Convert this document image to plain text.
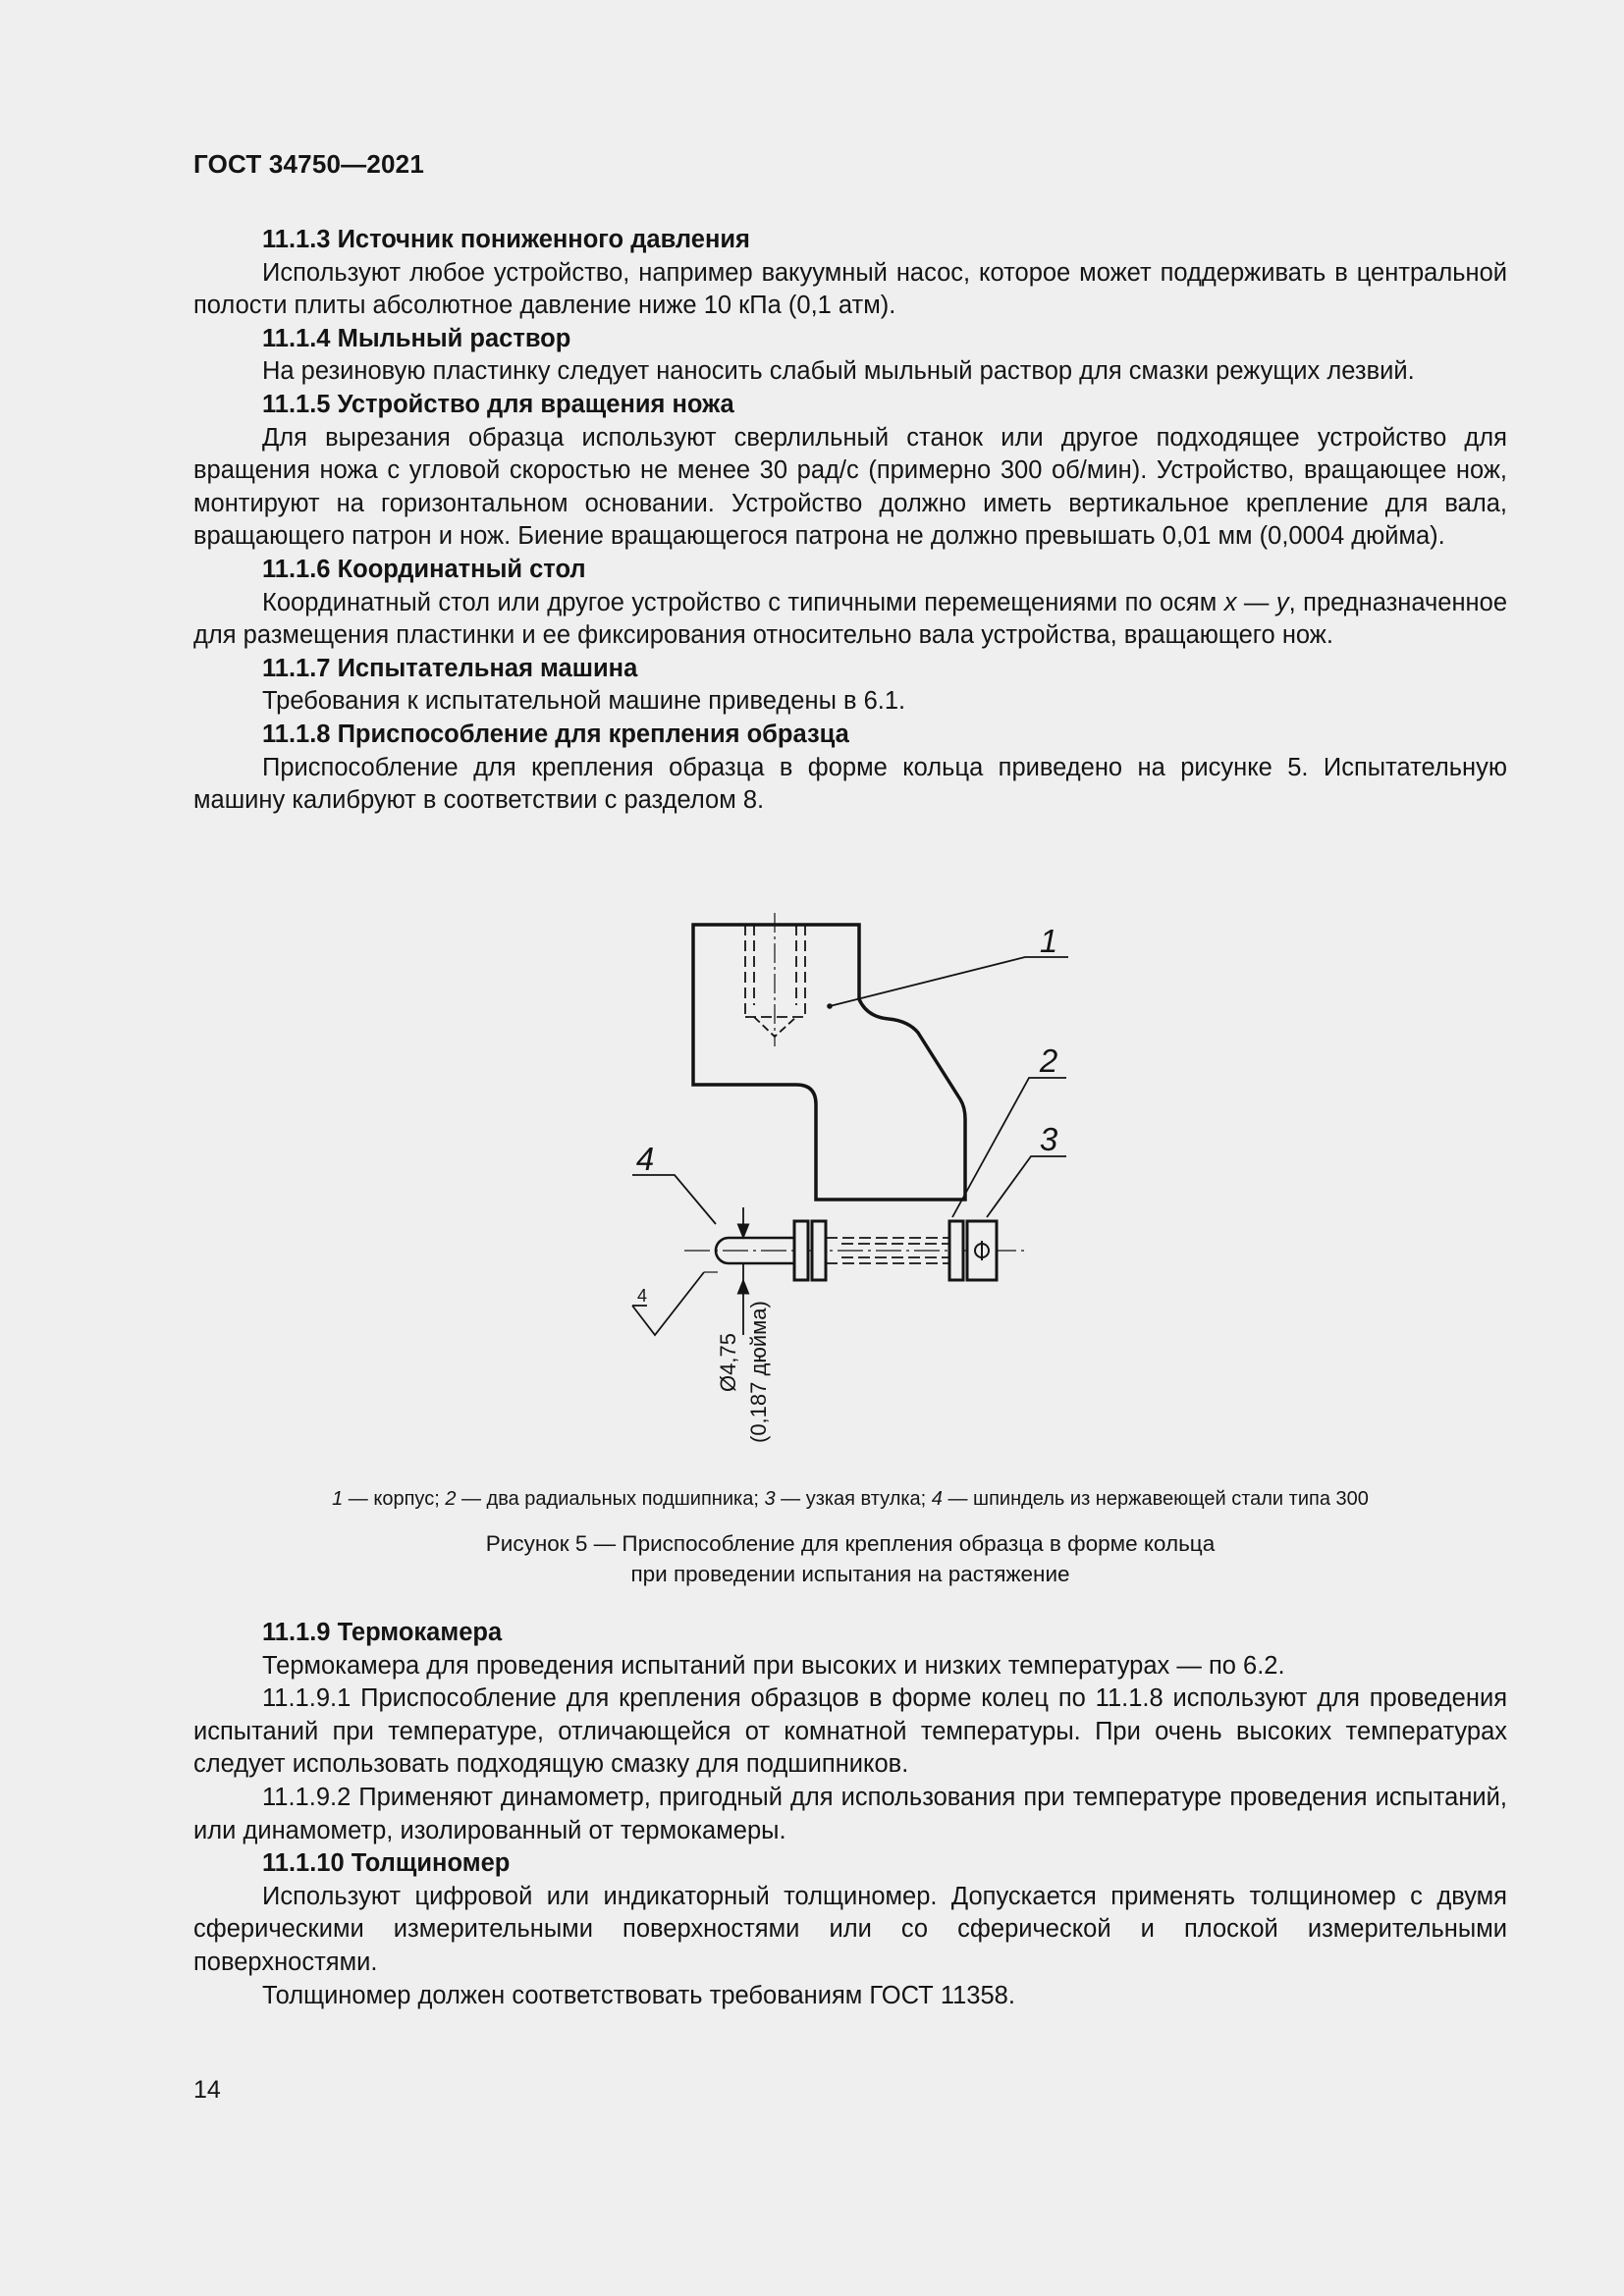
ГОСТ 34750—2021

11.1.3 Источник пониженного давления

Используют любое устройство, например вакуумный насос, которое может поддерживать в центральной полости плиты абсолютное давление ниже 10 кПа (0,1 атм).

11.1.4 Мыльный раствор

На резиновую пластинку следует наносить слабый мыльный раствор для смазки режущих лезвий.

11.1.5 Устройство для вращения ножа

Для вырезания образца используют сверлильный станок или другое подходящее устройство для вращения ножа с угловой скоростью не менее 30 рад/с (примерно 300 об/мин). Устройство, вращающее нож, монтируют на горизонтальном основании. Устройство должно иметь вертикальное крепление для вала, вращающего патрон и нож. Биение вращающегося патрона не должно превышать 0,01 мм (0,0004 дюйма).

11.1.6 Координатный стол

Координатный стол или другое устройство с типичными перемещениями по осям x — y, предназначенное для размещения пластинки и ее фиксирования относительно вала устройства, вращающего нож.

11.1.7 Испытательная машина

Требования к испытательной машине приведены в 6.1.

11.1.8 Приспособление для крепления образца

Приспособление для крепления образца в форме кольца приведено на рисунке 5. Испытательную машину калибруют в соответствии с разделом 8.

1
2
3
4
Ø4,75 (0,187 дюйма)
4
1 — корпус; 2 — два радиальных подшипника; 3 — узкая втулка; 4 — шпиндель из нержавеющей стали типа 300
Рисунок 5 — Приспособление для крепления образца в форме кольца
при проведении испытания на растяжение

11.1.9 Термокамера

Термокамера для проведения испытаний при высоких и низких температурах — по 6.2.

11.1.9.1 Приспособление для крепления образцов в форме колец по 11.1.8 используют для проведения испытаний при температуре, отличающейся от комнатной температуры. При очень высоких температурах следует использовать подходящую смазку для подшипников.

11.1.9.2 Применяют динамометр, пригодный для использования при температуре проведения испытаний, или динамометр, изолированный от термокамеры.

11.1.10 Толщиномер

Используют цифровой или индикаторный толщиномер. Допускается применять толщиномер с двумя сферическими измерительными поверхностями или со сферической и плоской измерительными поверхностями.

Толщиномер должен соответствовать требованиям ГОСТ 11358.

14
